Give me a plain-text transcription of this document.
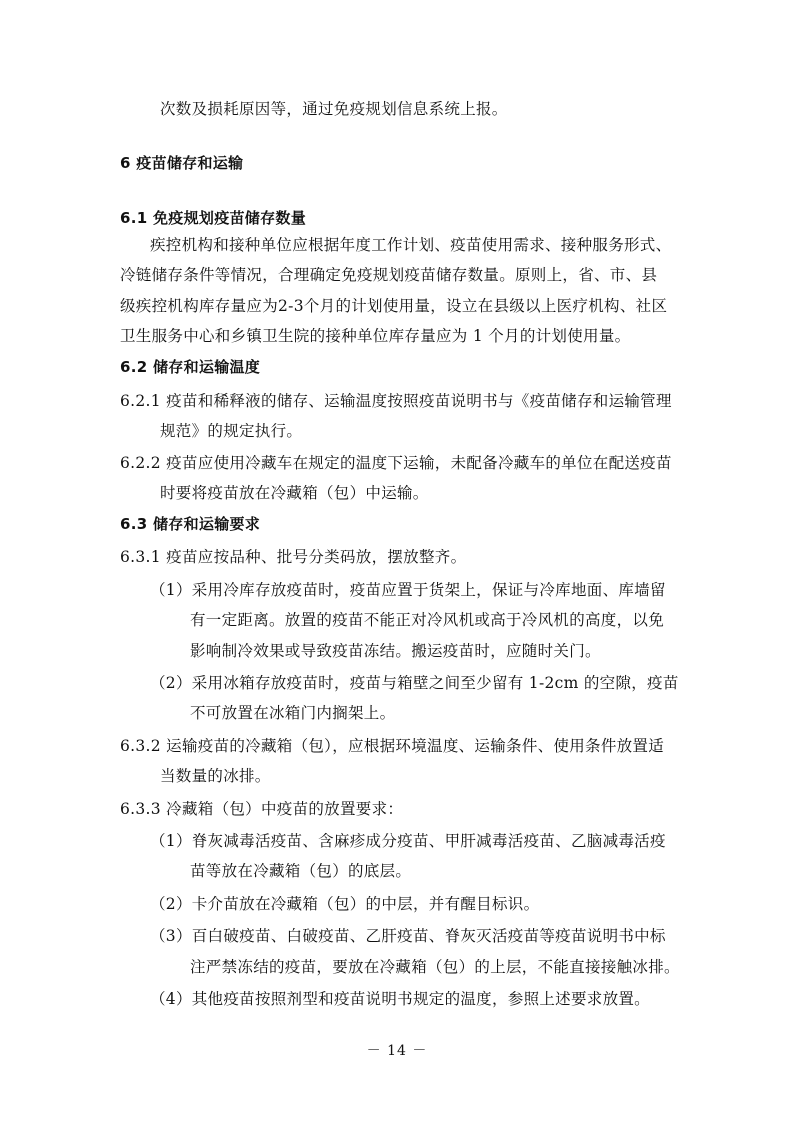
次数及损耗原因等，通过免疫规划信息系统上报。
6 疫苗储存和运输
6.1 免疫规划疫苗储存数量
疾控机构和接种单位应根据年度工作计划、疫苗使用需求、接种服务形式、
冷链储存条件等情况，合理确定免疫规划疫苗储存数量。原则上，省、市、县
级疾控机构库存量应为2-3个月的计划使用量，设立在县级以上医疗机构、社区
卫生服务中心和乡镇卫生院的接种单位库存量应为 1 个月的计划使用量。
6.2 储存和运输温度
6.2.1 疫苗和稀释液的储存、运输温度按照疫苗说明书与《疫苗储存和运输管理
规范》的规定执行。
6.2.2 疫苗应使用冷藏车在规定的温度下运输，未配备冷藏车的单位在配送疫苗
时要将疫苗放在冷藏箱（包）中运输。
6.3 储存和运输要求
6.3.1 疫苗应按品种、批号分类码放，摆放整齐。
（1）采用冷库存放疫苗时，疫苗应置于货架上，保证与冷库地面、库墙留
有一定距离。放置的疫苗不能正对冷风机或高于冷风机的高度，以免
影响制冷效果或导致疫苗冻结。搬运疫苗时，应随时关门。
（2）采用冰箱存放疫苗时，疫苗与箱壁之间至少留有 1-2cm 的空隙，疫苗
不可放置在冰箱门内搁架上。
6.3.2 运输疫苗的冷藏箱（包），应根据环境温度、运输条件、使用条件放置适
当数量的冰排。
6.3.3 冷藏箱（包）中疫苗的放置要求：
（1）脊灰减毒活疫苗、含麻疹成分疫苗、甲肝减毒活疫苗、乙脑减毒活疫
苗等放在冷藏箱（包）的底层。
（2）卡介苗放在冷藏箱（包）的中层，并有醒目标识。
（3）百白破疫苗、白破疫苗、乙肝疫苗、脊灰灭活疫苗等疫苗说明书中标
注严禁冻结的疫苗，要放在冷藏箱（包）的上层，不能直接接触冰排。
（4）其他疫苗按照剂型和疫苗说明书规定的温度，参照上述要求放置。
－ 14 －
